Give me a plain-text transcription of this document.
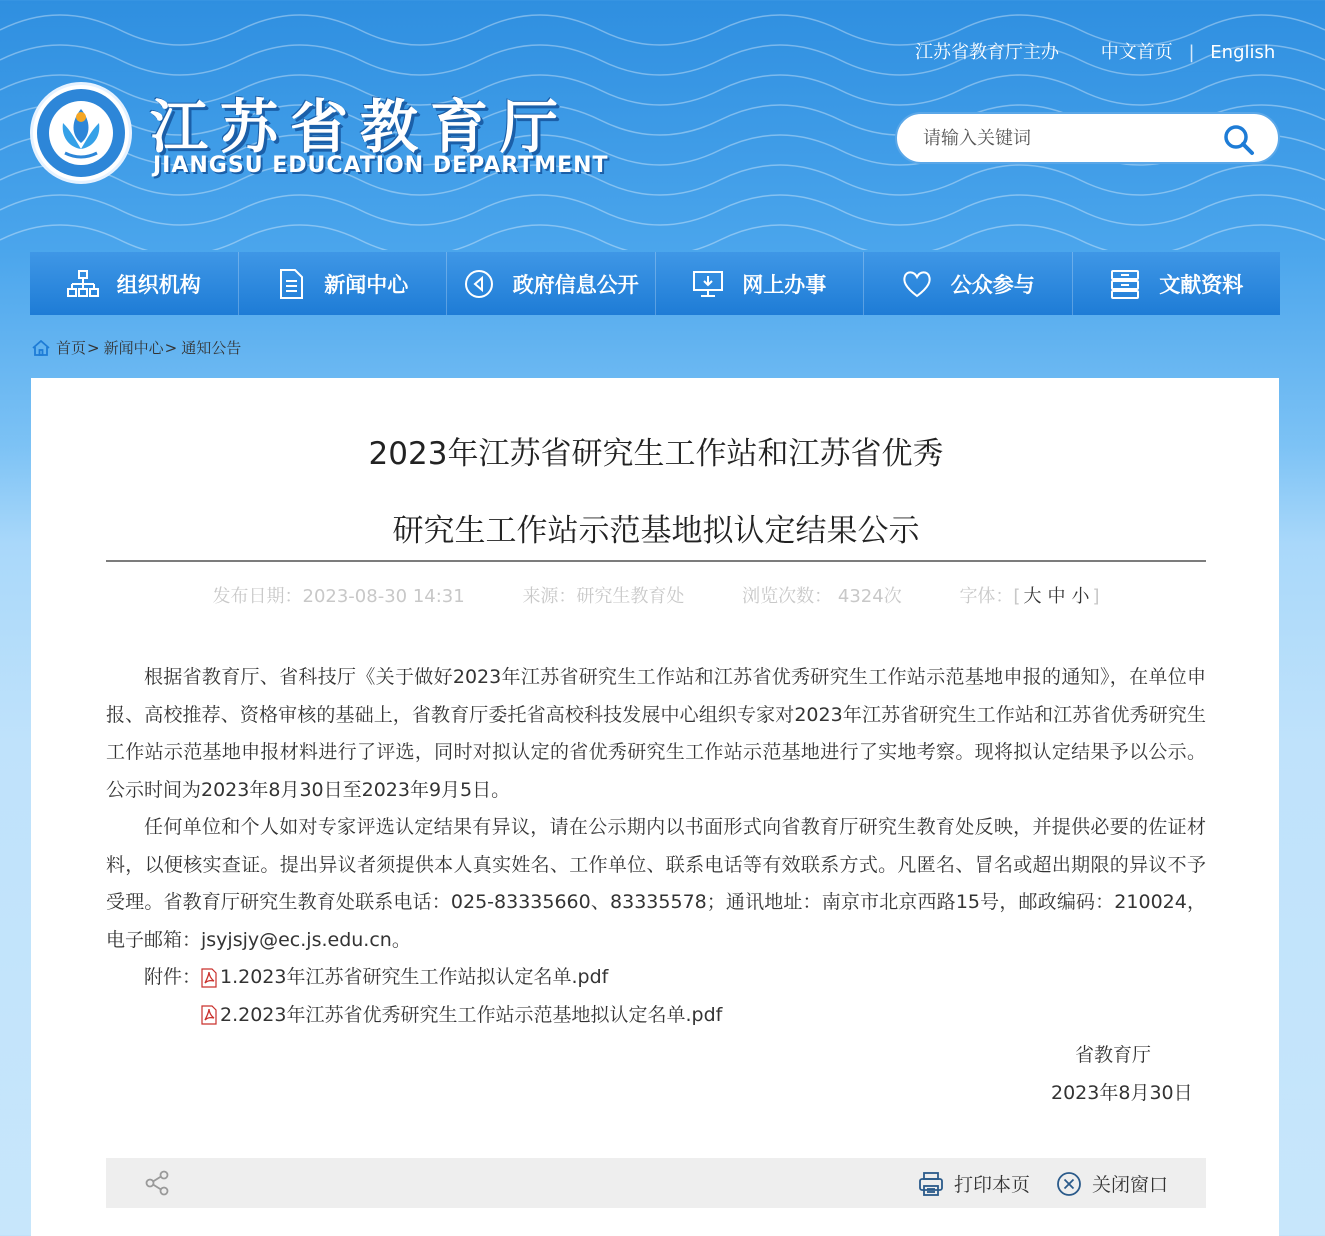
江苏省教育厅主办 中文首页 | English
江苏省教育厅
JIANGSU EDUCATION DEPARTMENT
请输入关键词
组织机构	新闻中心	政府信息公开	网上办事	公众参与	文献资料
首页 > 新闻中心 > 通知公告
2023年江苏省研究生工作站和江苏省优秀
研究生工作站示范基地拟认定结果公示
发布日期：2023-08-30 14:31	来源：研究生教育处	浏览次数： 4324次	字体：[ 大 中 小 ]

根据省教育厅、省科技厅《关于做好2023年江苏省研究生工作站和江苏省优秀研究生工作站示范基地申报的通知》，在单位申报、高校推荐、资格审核的基础上，省教育厅委托省高校科技发展中心组织专家对2023年江苏省研究生工作站和江苏省优秀研究生工作站示范基地申报材料进行了评选，同时对拟认定的省优秀研究生工作站示范基地进行了实地考察。现将拟认定结果予以公示。公示时间为2023年8月30日至2023年9月5日。

任何单位和个人如对专家评选认定结果有异议，请在公示期内以书面形式向省教育厅研究生教育处反映，并提供必要的佐证材料，以便核实查证。提出异议者须提供本人真实姓名、工作单位、联系电话等有效联系方式。凡匿名、冒名或超出期限的异议不予受理。省教育厅研究生教育处联系电话：025-83335660、83335578；通讯地址：南京市北京西路15号，邮政编码：210024，电子邮箱：jsyjsjy@ec.js.edu.cn。

附件： 1.2023年江苏省研究生工作站拟认定名单.pdf
2.2023年江苏省优秀研究生工作站示范基地拟认定名单.pdf
省教育厅
2023年8月30日
打印本页	关闭窗口
